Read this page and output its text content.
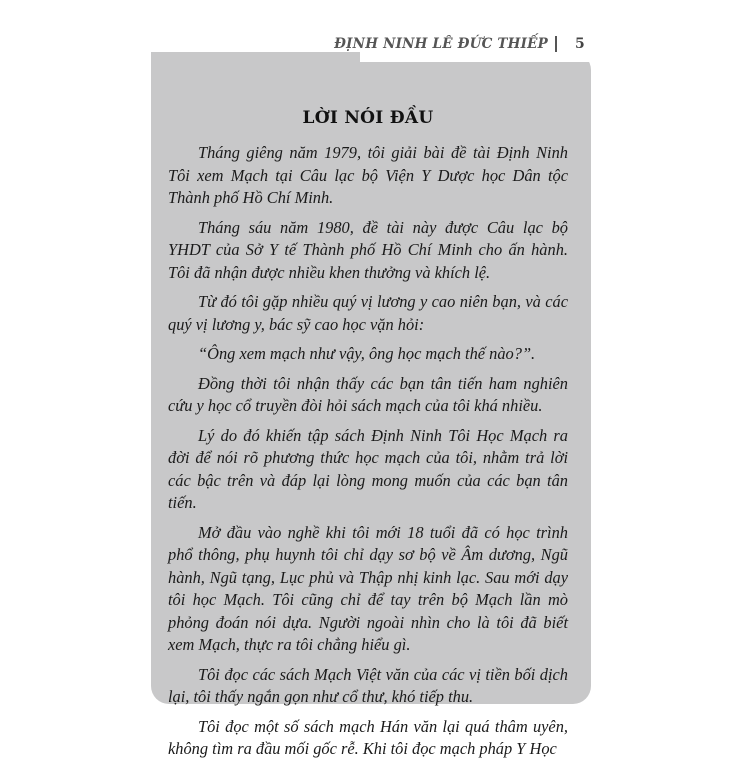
ĐỊNH NINH LÊ ĐỨC THIẾP 5
LỜI NÓI ĐẦU

Tháng giêng năm 1979, tôi giải bài đề tài Định Ninh Tôi xem Mạch tại Câu lạc bộ Viện Y Dược học Dân tộc Thành phố Hồ Chí Minh.

Tháng sáu năm 1980, đề tài này được Câu lạc bộ YHDT của Sở Y tế Thành phố Hồ Chí Minh cho ấn hành. Tôi đã nhận được nhiều khen thưởng và khích lệ.

Từ đó tôi gặp nhiều quý vị lương y cao niên bạn, và các quý vị lương y, bác sỹ cao học vặn hỏi:

“Ông xem mạch như vậy, ông học mạch thế nào?”.

Đồng thời tôi nhận thấy các bạn tân tiến ham nghiên cứu y học cổ truyền đòi hỏi sách mạch của tôi khá nhiều.

Lý do đó khiến tập sách Định Ninh Tôi Học Mạch ra đời để nói rõ phương thức học mạch của tôi, nhằm trả lời các bậc trên và đáp lại lòng mong muốn của các bạn tân tiến.

Mở đầu vào nghề khi tôi mới 18 tuổi đã có học trình phổ thông, phụ huynh tôi chỉ dạy sơ bộ về Âm dương, Ngũ hành, Ngũ tạng, Lục phủ và Thập nhị kinh lạc. Sau mới dạy tôi học Mạch. Tôi cũng chỉ để tay trên bộ Mạch lần mò phỏng đoán nói dựa. Người ngoài nhìn cho là tôi đã biết xem Mạch, thực ra tôi chẳng hiểu gì.

Tôi đọc các sách Mạch Việt văn của các vị tiền bối dịch lại, tôi thấy ngắn gọn như cổ thư, khó tiếp thu.

Tôi đọc một số sách mạch Hán văn lại quá thâm uyên, không tìm ra đầu mối gốc rễ. Khi tôi đọc mạch pháp Y Học
